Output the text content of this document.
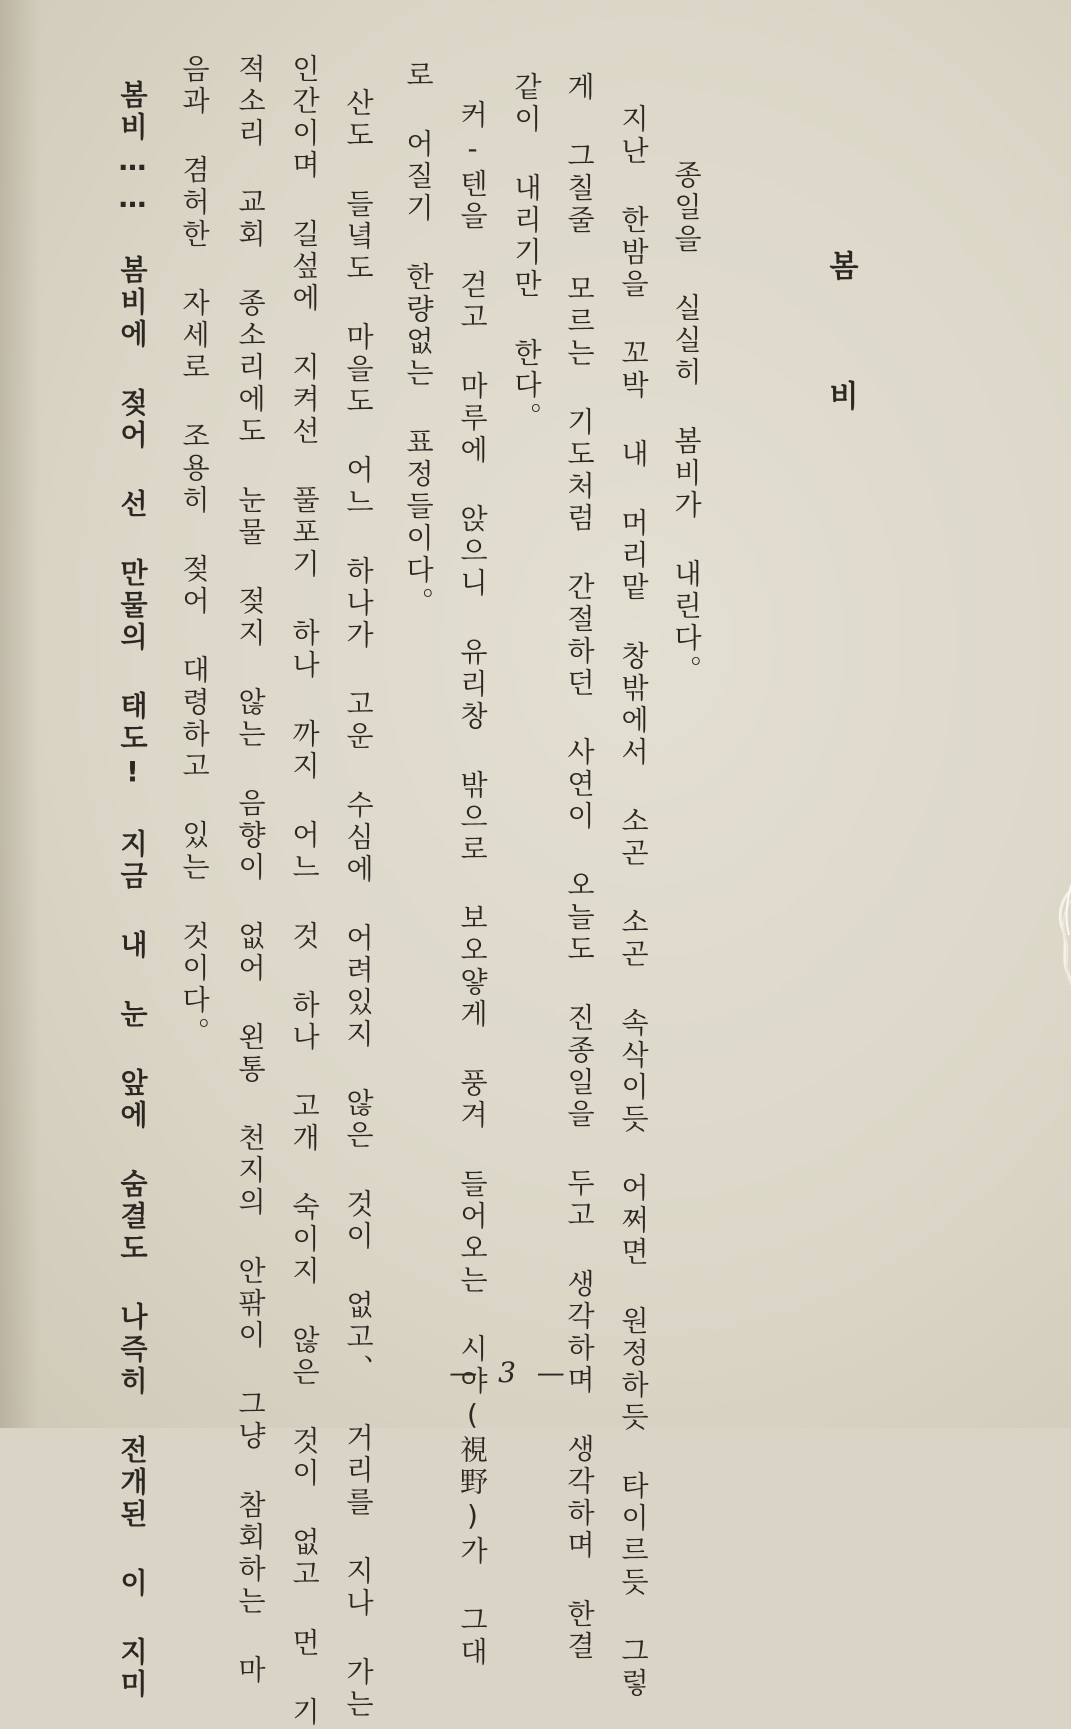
봄비
종일을 실실히 봄비가 내린다。
지난 한밤을 꼬박 내 머리맡 창밖에서 소곤 소곤 속삭이듯 어쩌면 원정하듯 타이르듯 그렇
게 그칠줄 모르는 기도처럼 간절하던 사연이 오늘도 진종일을 두고 생각하며 생각하며 한결
같이 내리기만 한다。
커-텐을 걷고 마루에 앉으니 유리창 밖으로 보오얗게 풍겨 들어오는 시야(視野)가 그대
로 어질기 한량없는 표정들이다。
산도 들녘도 마을도 어느 하나가 고운 수심에 어려있지 않은 것이 없고、 거리를 지나 가는
인간이며 길섶에 지켜선 풀포기 하나 까지 어느 것 하나 고개 숙이지 않은 것이 없고 먼 기
적소리 교회 종소리에도 눈물 젖지 않는 음향이 없어 왼통 천지의 안팎이 그냥 참회하는 마
음과 겸허한 자세로 조용히 젖어 대령하고 있는 것이다。
봄비…… 봄비에 젖어 선 만물의 태도! 지금 내 눈 앞에 숨결도 나즉히 전개된 이 지미	— 3 —
